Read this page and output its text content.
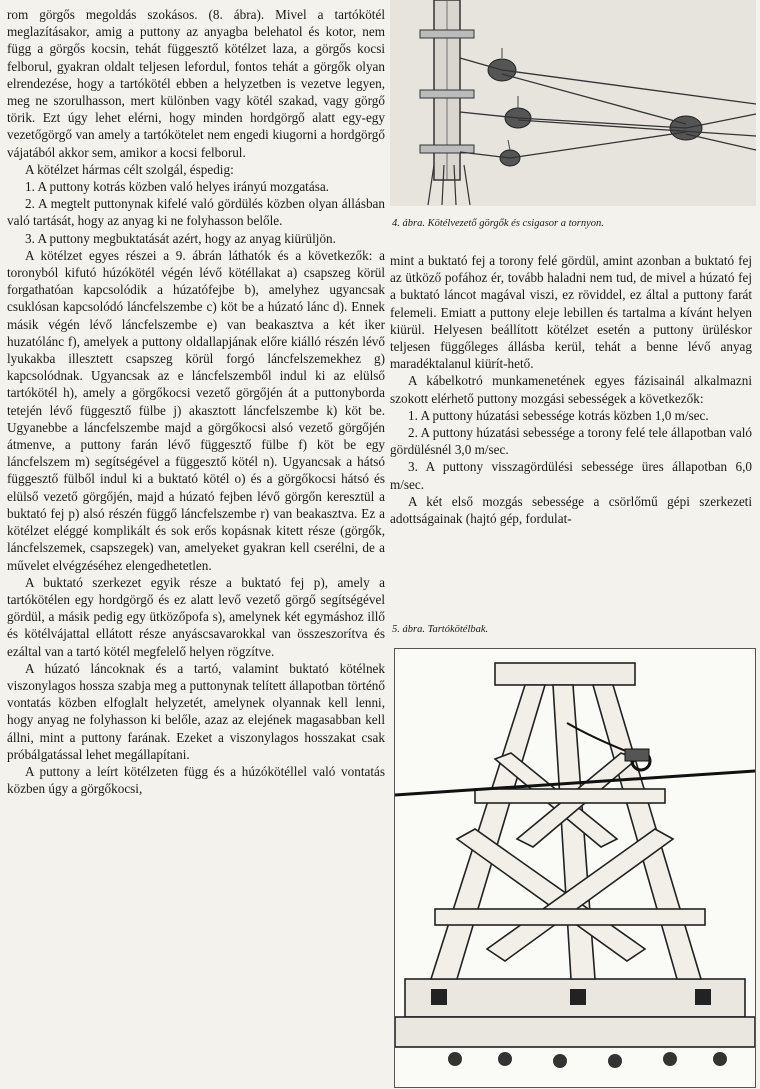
rom görgős megoldás szokásos. (8. ábra). Mivel a tartókötél meglazításakor, amig a puttony az anyagba belehatol és kotor, nem függ a görgős kocsin, tehát függesztő kötélzet laza, a görgős kocsi felborul, gyakran oldalt teljesen lefordul, fontos tehát a görgők olyan elrendezése, hogy a tartókötél ebben a helyzetben is vezetve legyen, meg ne szorulhasson, mert különben vagy kötél szakad, vagy görgő törik. Ezt úgy lehet elérni, hogy minden hordgörgő alatt egy-egy vezetőgörgő van amely a tartókötelet nem engedi kiugorni a hordgörgő vájatából akkor sem, amikor a kocsi felborul.

A kötélzet hármas célt szolgál, éspedig:

1. A puttony kotrás közben való helyes irányú mozgatása.

2. A megtelt puttonynak kifelé való gördülés közben olyan állásban való tartását, hogy az anyag ki ne folyhasson belőle.

3. A puttony megbuktatását azért, hogy az anyag kiürüljön.

A kötélzet egyes részei a 9. ábrán láthatók és a következők: a toronyból kifutó húzókötél végén lévő kötéllakat a) csapszeg körül forgathatóan kapcsolódik a húzatófejbe b), amelyhez ugyancsak csuklósan kapcsolódó láncfelszembe c) köt be a húzató lánc d). Ennek másik végén lévő láncfelszembe e) van beakasztva a két iker huzatólánc f), amelyek a puttony oldallapjának előre kiálló részén lévő lyukakba illesztett csapszeg körül forgó láncfelszemekhez g) kapcsolódnak. Ugyancsak az e láncfelszemből indul ki az elülső tartókötél h), amely a görgőkocsi vezető görgőjén át a puttonyborda tetején lévő függesztő fülbe j) akasztott láncfelszembe k) köt be. Ugyanebbe a láncfelszembe majd a görgőkocsi alsó vezető görgőjén átmenve, a puttony farán lévő függesztő fülbe f) köt be egy láncfelszem m) segítségével a függesztő kötél n). Ugyancsak a hátsó függesztő fülből indul ki a buktató kötél o) és a görgőkocsi hátsó és elülső vezető görgőjén, majd a húzató fejben lévő görgőn keresztül a buktató fej p) alsó részén függő láncfelszembe r) van beakasztva. Ez a kötélzet eléggé komplikált és sok erős kopásnak kitett része (görgők, láncfelszemek, csapszegek) van, amelyeket gyakran kell cserélni, de a művelet elvégzéséhez elengedhetetlen.

A buktató szerkezet egyik része a buktató fej p), amely a tartókötélen egy hordgörgő és ez alatt levő vezető görgő segítségével gördül, a másik pedig egy ütközőpofa s), amelynek két egymáshoz illő és kötélvájattal ellátott része anyáscsavarokkal van összeszorítva és ezáltal van a tartó kötél megfelelő helyen rögzítve.

A húzató láncoknak és a tartó, valamint buktató kötélnek viszonylagos hossza szabja meg a puttonynak telített állapotban történő vontatás közben elfoglalt helyzetét, amelynek olyannak kell lenni, hogy anyag ne folyhasson ki belőle, azaz az elejének magasabban kell állni, mint a puttony farának. Ezeket a viszonylagos hosszakat csak próbálgatással lehet megállapítani.

A puttony a leírt kötélzeten függ és a húzókötéllel való vontatás közben úgy a görgőkocsi,

4. ábra. Kötélvezető görgők és csigasor a tornyon.

mint a buktató fej a torony felé gördül, amint azonban a buktató fej az ütköző pofához ér, tovább haladni nem tud, de mivel a húzató fej a buktató láncot magával viszi, ez röviddel, ez által a puttony farát felemeli. Emiatt a puttony eleje lebillen és tartalma a kívánt helyen kiürül. Helyesen beállított kötélzet esetén a puttony ürüléskor teljesen függőleges állásba kerül, tehát a benne lévő anyag maradéktalanul kiürít-hető.

A kábelkotró munkamenetének egyes fázisainál alkalmazni szokott elérhető puttony mozgási sebességek a következők:

1. A puttony húzatási sebessége kotrás közben 1,0 m/sec.

2. A puttony húzatási sebessége a torony felé tele állapotban való gördülésnél 3,0 m/sec.

3. A puttony visszagördülési sebessége üres állapotban 6,0 m/sec.

A két első mozgás sebessége a csörlőmű gépi szerkezeti adottságainak (hajtó gép, fordulat-

5. ábra. Tartókötélbak.
